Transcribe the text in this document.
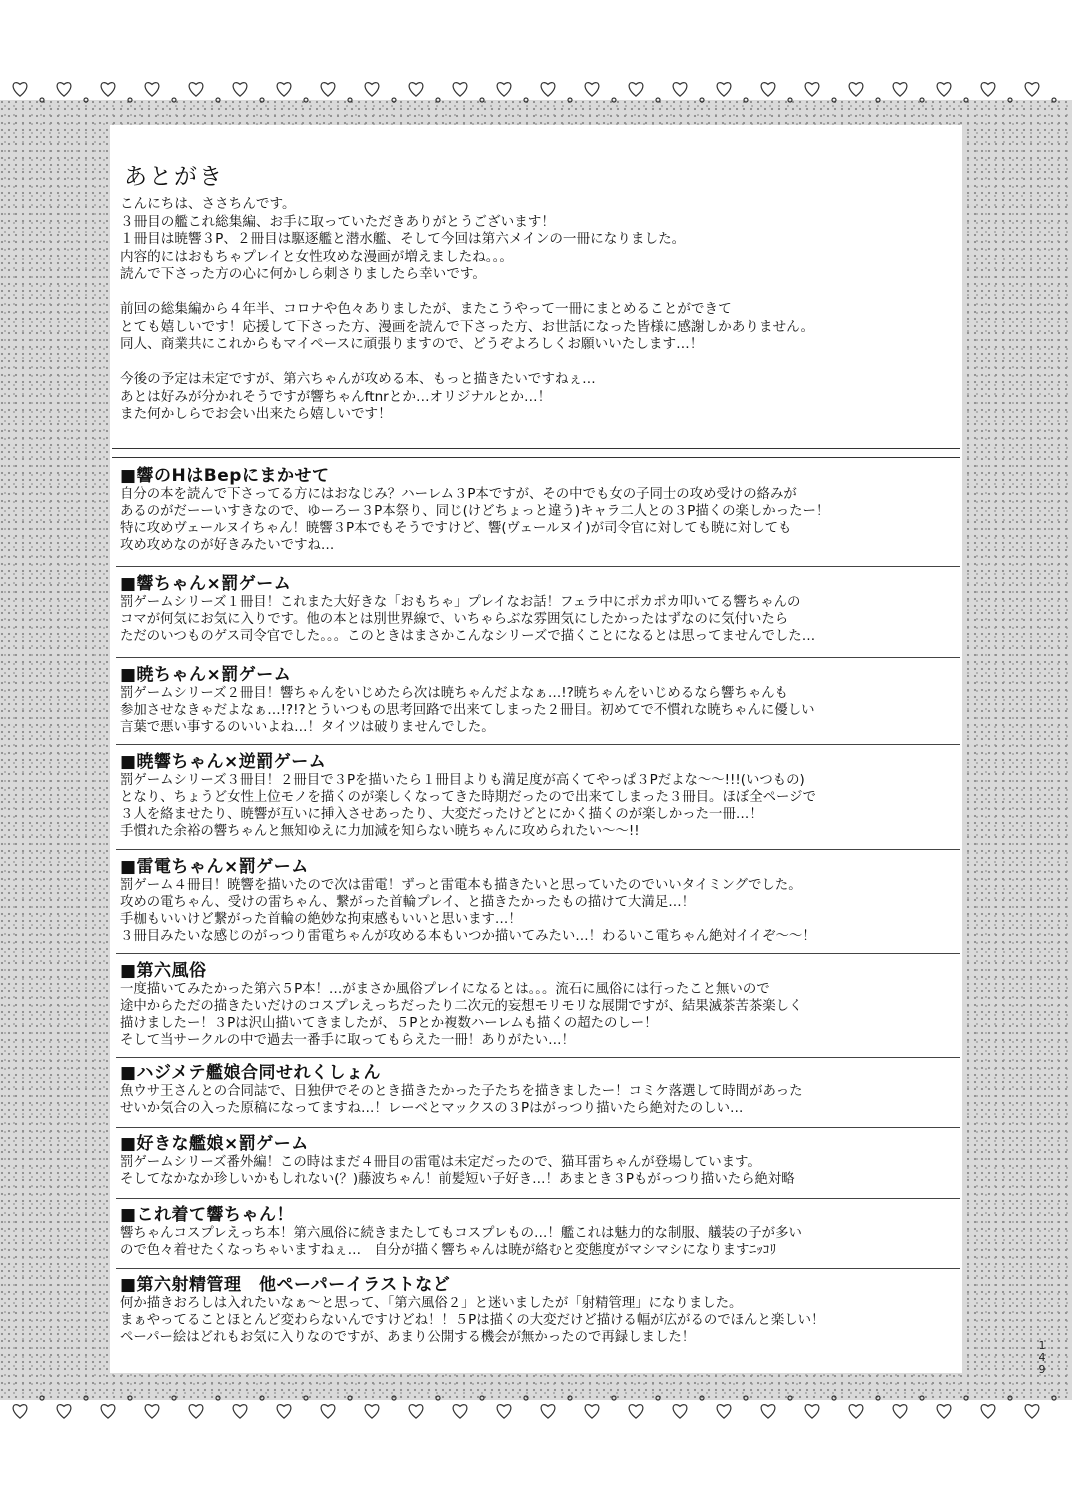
あとがき
こんにちは、ささちんです。
３冊目の艦これ総集編、お手に取っていただきありがとうございます！
１冊目は暁響３P、２冊目は駆逐艦と潜水艦、そして今回は第六メインの一冊になりました。
内容的にはおもちゃプレイと女性攻めな漫画が増えましたね。。。
読んで下さった方の心に何かしら刺さりましたら幸いです。

前回の総集編から４年半、コロナや色々ありましたが、またこうやって一冊にまとめることができて
とても嬉しいです！応援して下さった方、漫画を読んで下さった方、お世話になった皆様に感謝しかありません。
同人、商業共にこれからもマイペースに頑張りますので、どうぞよろしくお願いいたします…！

今後の予定は未定ですが、第六ちゃんが攻める本、もっと描きたいですねぇ…
あとは好みが分かれそうですが響ちゃんftnrとか…オリジナルとか…！
また何かしらでお会い出来たら嬉しいです！
■響のHはBepにまかせて
自分の本を読んで下さってる方にはおなじみ？ハーレム３P本ですが、その中でも女の子同士の攻め受けの絡みが
あるのがだーーいすきなので、ゆーろー３P本祭り、同じ(けどちょっと違う)キャラ二人との３P描くの楽しかったー！
特に攻めヴェールヌイちゃん！暁響３P本でもそうですけど、響(ヴェールヌイ)が司令官に対しても暁に対しても
攻め攻めなのが好きみたいですね…
■響ちゃん×罰ゲーム
罰ゲームシリーズ１冊目！これまた大好きな「おもちゃ」プレイなお話！フェラ中にポカポカ叩いてる響ちゃんの
コマが何気にお気に入りです。他の本とは別世界線で、いちゃらぶな雰囲気にしたかったはずなのに気付いたら
ただのいつものゲス司令官でした。。。このときはまさかこんなシリーズで描くことになるとは思ってませんでした…
■暁ちゃん×罰ゲーム
罰ゲームシリーズ２冊目！響ちゃんをいじめたら次は暁ちゃんだよなぁ…!?暁ちゃんをいじめるなら響ちゃんも
参加させなきゃだよなぁ…!?!?とういつもの思考回路で出来てしまった２冊目。初めてで不慣れな暁ちゃんに優しい
言葉で悪い事するのいいよね…！タイツは破りませんでした。
■暁響ちゃん×逆罰ゲーム
罰ゲームシリーズ３冊目！２冊目で３Pを描いたら１冊目よりも満足度が高くてやっぱ３Pだよな～～!!!(いつもの)
となり、ちょうど女性上位モノを描くのが楽しくなってきた時期だったので出来てしまった３冊目。ほぼ全ページで
３人を絡ませたり、暁響が互いに挿入させあったり、大変だったけどとにかく描くのが楽しかった一冊…！
手慣れた余裕の響ちゃんと無知ゆえに力加減を知らない暁ちゃんに攻められたい～～!!
■雷電ちゃん×罰ゲーム
罰ゲーム４冊目！暁響を描いたので次は雷電！ずっと雷電本も描きたいと思っていたのでいいタイミングでした。
攻めの電ちゃん、受けの雷ちゃん、繋がった首輪プレイ、と描きたかったもの描けて大満足…！
手枷もいいけど繋がった首輪の絶妙な拘束感もいいと思います…！
３冊目みたいな感じのがっつり雷電ちゃんが攻める本もいつか描いてみたい…！わるいこ電ちゃん絶対イイぞ～～！
■第六風俗
一度描いてみたかった第六５P本！…がまさか風俗プレイになるとは。。。流石に風俗には行ったこと無いので
途中からただの描きたいだけのコスプレえっちだったり二次元的妄想モリモリな展開ですが、結果滅茶苦茶楽しく
描けましたー！３Pは沢山描いてきましたが、５Pとか複数ハーレムも描くの超たのしー！
そして当サークルの中で過去一番手に取ってもらえた一冊！ありがたい…！
■ハジメテ艦娘合同せれくしょん
魚ウサ王さんとの合同誌で、日独伊でそのとき描きたかった子たちを描きましたー！コミケ落選して時間があった
せいか気合の入った原稿になってますね…！レーベとマックスの３Pはがっつり描いたら絶対たのしい…
■好きな艦娘×罰ゲーム
罰ゲームシリーズ番外編！この時はまだ４冊目の雷電は未定だったので、猫耳雷ちゃんが登場しています。
そしてなかなか珍しいかもしれない(？)藤波ちゃん！前髪短い子好き…！あまとき３Pもがっつり描いたら絶対略
■これ着て響ちゃん！
響ちゃんコスプレえっち本！第六風俗に続きまたしてもコスプレもの…！艦これは魅力的な制服、艤装の子が多い
ので色々着せたくなっちゃいますねぇ…　自分が描く響ちゃんは暁が絡むと変態度がマシマシになりますﾆｯｺﾘ
■第六射精管理　他ペーパーイラストなど
何か描きおろしは入れたいなぁ～と思って、「第六風俗２」と迷いましたが「射精管理」になりました。
まぁやってることほとんど変わらないんですけどね！！５Pは描くの大変だけど描ける幅が広がるのでほんと楽しい！
ペーパー絵はどれもお気に入りなのですが、あまり公開する機会が無かったので再録しました！
1
4
9
